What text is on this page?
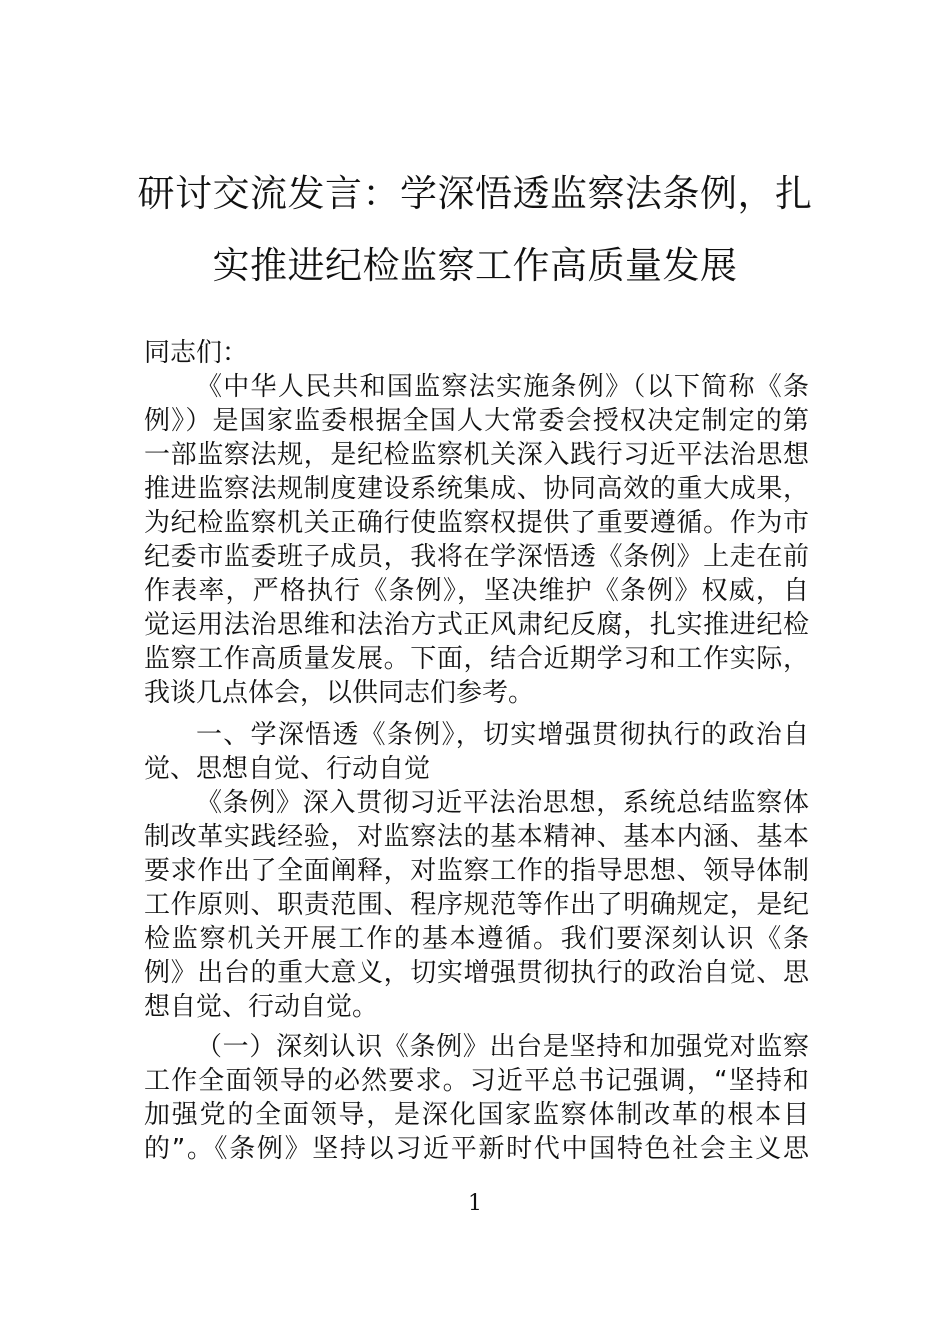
研讨交流发言：学深悟透监察法条例，扎
实推进纪检监察工作高质量发展
同志们：
《中华人民共和国监察法实施条例》（以下简称《条
例》）是国家监委根据全国人大常委会授权决定制定的第
一部监察法规，是纪检监察机关深入践行习近平法治思想
推进监察法规制度建设系统集成、协同高效的重大成果，
为纪检监察机关正确行使监察权提供了重要遵循。作为市
纪委市监委班子成员，我将在学深悟透《条例》上走在前
作表率，严格执行《条例》，坚决维护《条例》权威，自
觉运用法治思维和法治方式正风肃纪反腐，扎实推进纪检
监察工作高质量发展。下面，结合近期学习和工作实际，
我谈几点体会，以供同志们参考。
一、学深悟透《条例》，切实增强贯彻执行的政治自
觉、思想自觉、行动自觉
《条例》深入贯彻习近平法治思想，系统总结监察体
制改革实践经验，对监察法的基本精神、基本内涵、基本
要求作出了全面阐释，对监察工作的指导思想、领导体制
工作原则、职责范围、程序规范等作出了明确规定，是纪
检监察机关开展工作的基本遵循。我们要深刻认识《条
例》出台的重大意义，切实增强贯彻执行的政治自觉、思
想自觉、行动自觉。
（一）深刻认识《条例》出台是坚持和加强党对监察
工作全面领导的必然要求。习近平总书记强调，“坚持和
加强党的全面领导，是深化国家监察体制改革的根本目
的”。《条例》坚持以习近平新时代中国特色社会主义思
1
